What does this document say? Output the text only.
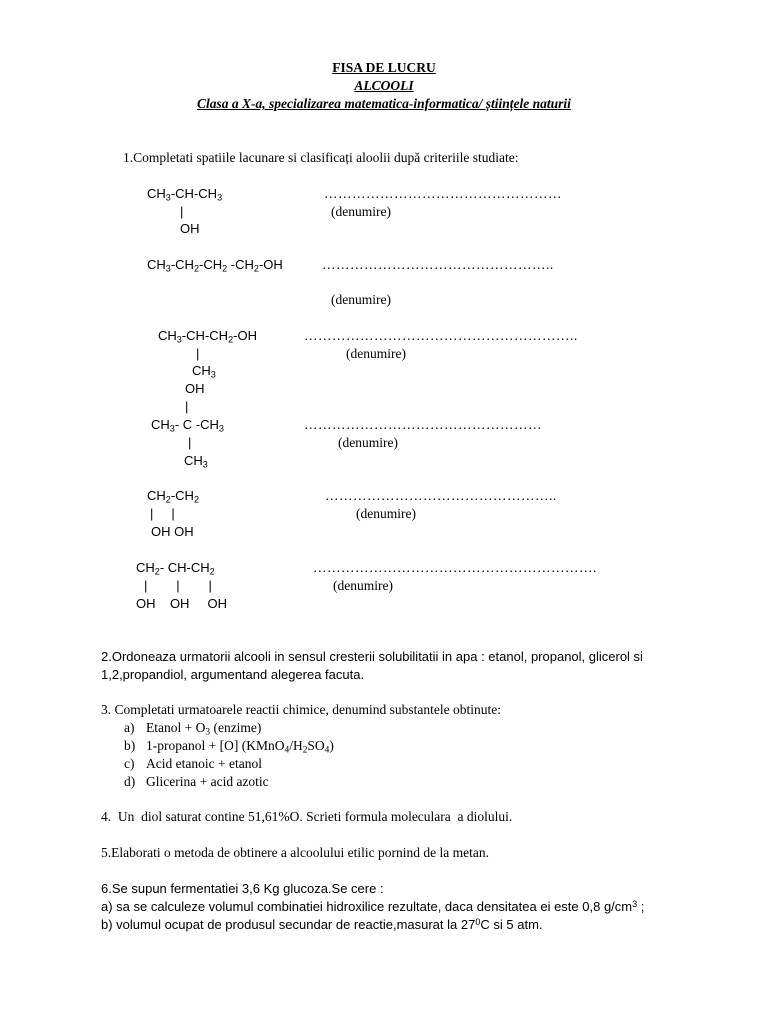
FISA DE LUCRU
ALCOOLI
Clasa a X-a, specializarea matematica-informatica/ științele naturii
1.Completati spatiile lacunare si clasificați aloolii după criteriile studiate:
$CH_3-CH-CH_3$
|
OH
……………………………………………
(denumire)
$CH_3-CH_2-CH_2$ $-CH_2-OH$	…………………………………………..
(denumire)
$CH_3-CH-CH_2-OH$	…………………………………………………..
|	(denumire)
$CH_3$
OH
|
$CH_3-$ C $-CH_3$	……………………………………………
|	(denumire)
$CH_3$
$CH_2-CH_2$	…………………………………………..
|     |	(denumire)
OH OH
$CH_2-$ $CH-CH_2$	…………………………………………………….
|        |        |	(denumire)
OH    OH     OH
2.Ordoneaza urmatorii alcooli in sensul cresterii solubilitatii in apa : etanol, propanol, glicerol si
1,2,propandiol, argumentand alegerea facuta.
3. Completati urmatoarele reactii chimice, denumind substantele obtinute:
a) Etanol + $O_3$ (enzime)
b) 1-propanol + [O] $(KMnO_4/H_2SO_4)$
c) Acid etanoic + etanol
d) Glicerina + acid azotic
4.  Un  diol saturat contine 51,61%O. Scrieti formula moleculara  a diolului.
5.Elaborati o metoda de obtinere a alcoolului etilic pornind de la metan.
6.Se supun fermentatiei 3,6 Kg glucoza.Se cere :
a) sa se calculeze volumul combinatiei hidroxilice rezultate, daca densitatea ei este 0,8 $g/cm^3$ ;
b) volumul ocupat de produsul secundar de reactie,masurat la $27^0C$ si 5 atm.
